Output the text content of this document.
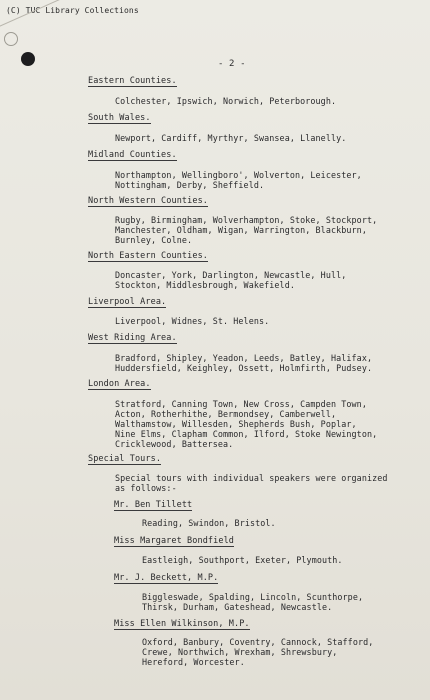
(C) TUC Library Collections
- 2 -
Eastern Counties.
Colchester, Ipswich, Norwich, Peterborough.
South Wales.
Newport, Cardiff, Myrthyr, Swansea, Llanelly.
Midland Counties.
Northampton, Wellingboro', Wolverton, Leicester,
Nottingham, Derby, Sheffield.
North Western Counties.
Rugby, Birmingham, Wolverhampton, Stoke, Stockport,
Manchester, Oldham, Wigan, Warrington, Blackburn,
Burnley, Colne.
North Eastern Counties.
Doncaster, York, Darlington, Newcastle, Hull,
Stockton, Middlesbrough, Wakefield.
Liverpool Area.
Liverpool, Widnes, St. Helens.
West Riding Area.
Bradford, Shipley, Yeadon, Leeds, Batley, Halifax,
Huddersfield, Keighley, Ossett, Holmfirth, Pudsey.
London Area.
Stratford, Canning Town, New Cross, Campden Town,
Acton, Rotherhithe, Bermondsey, Camberwell,
Walthamstow, Willesden, Shepherds Bush, Poplar,
Nine Elms, Clapham Common, Ilford, Stoke Newington,
Cricklewood, Battersea.
Special Tours.
Special tours with individual speakers were organized
as follows:-
Mr. Ben Tillett
Reading, Swindon, Bristol.
Miss Margaret Bondfield
Eastleigh, Southport, Exeter, Plymouth.
Mr. J. Beckett, M.P.
Biggleswade, Spalding, Lincoln, Scunthorpe,
Thirsk, Durham, Gateshead, Newcastle.
Miss Ellen Wilkinson, M.P.
Oxford, Banbury, Coventry, Cannock, Stafford,
Crewe, Northwich, Wrexham, Shrewsbury,
Hereford, Worcester.
